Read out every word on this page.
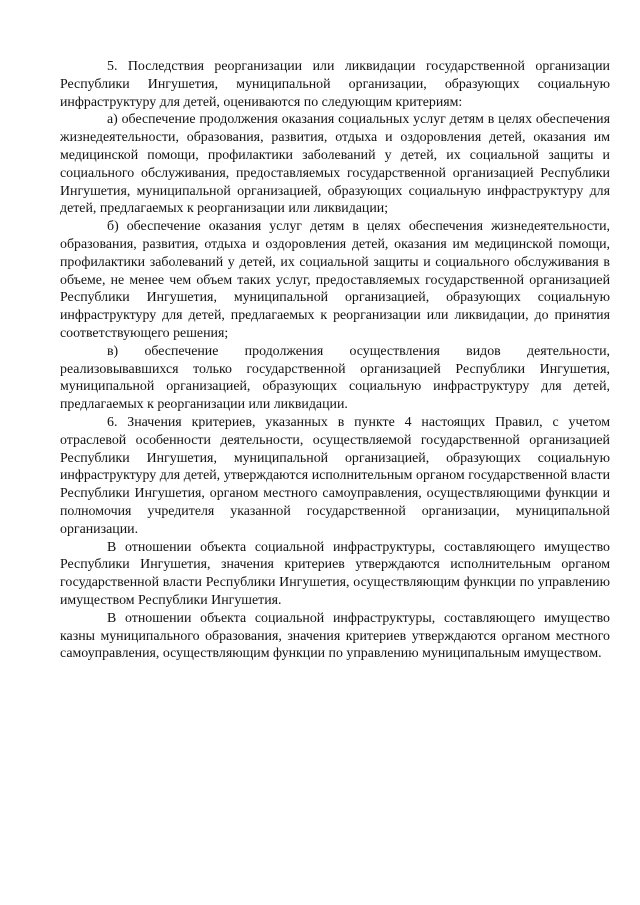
5. Последствия реорганизации или ликвидации государственной организации Республики Ингушетия, муниципальной организации, образующих социальную инфраструктуру для детей, оцениваются по следующим критериям:

а) обеспечение продолжения оказания социальных услуг детям в целях обеспечения жизнедеятельности, образования, развития, отдыха и оздоровления детей, оказания им медицинской помощи, профилактики заболеваний у детей, их социальной защиты и социального обслуживания, предоставляемых государственной организацией Республики Ингушетия, муниципальной организацией, образующих социальную инфраструктуру для детей, предлагаемых к реорганизации или ликвидации;

б) обеспечение оказания услуг детям в целях обеспечения жизнедеятельности, образования, развития, отдыха и оздоровления детей, оказания им медицинской помощи, профилактики заболеваний у детей, их социальной защиты и социального обслуживания в объеме, не менее чем объем таких услуг, предоставляемых государственной организацией Республики Ингушетия, муниципальной организацией, образующих социальную инфраструктуру для детей, предлагаемых к реорганизации или ликвидации, до принятия соответствующего решения;

в) обеспечение продолжения осуществления видов деятельности, реализовывавшихся только государственной организацией Республики Ингушетия, муниципальной организацией, образующих социальную инфраструктуру для детей, предлагаемых к реорганизации или ликвидации.

6. Значения критериев, указанных в пункте 4 настоящих Правил, с учетом отраслевой особенности деятельности, осуществляемой государственной организацией Республики Ингушетия, муниципальной организацией, образующих социальную инфраструктуру для детей, утверждаются исполнительным органом государственной власти Республики Ингушетия, органом местного самоуправления, осуществляющими функции и полномочия учредителя указанной государственной организации, муниципальной организации.

В отношении объекта социальной инфраструктуры, составляющего имущество Республики Ингушетия, значения критериев утверждаются исполнительным органом государственной власти Республики Ингушетия, осуществляющим функции по управлению имуществом Республики Ингушетия.

В отношении объекта социальной инфраструктуры, составляющего имущество казны муниципального образования, значения критериев утверждаются органом местного самоуправления, осуществляющим функции по управлению муниципальным имуществом.
